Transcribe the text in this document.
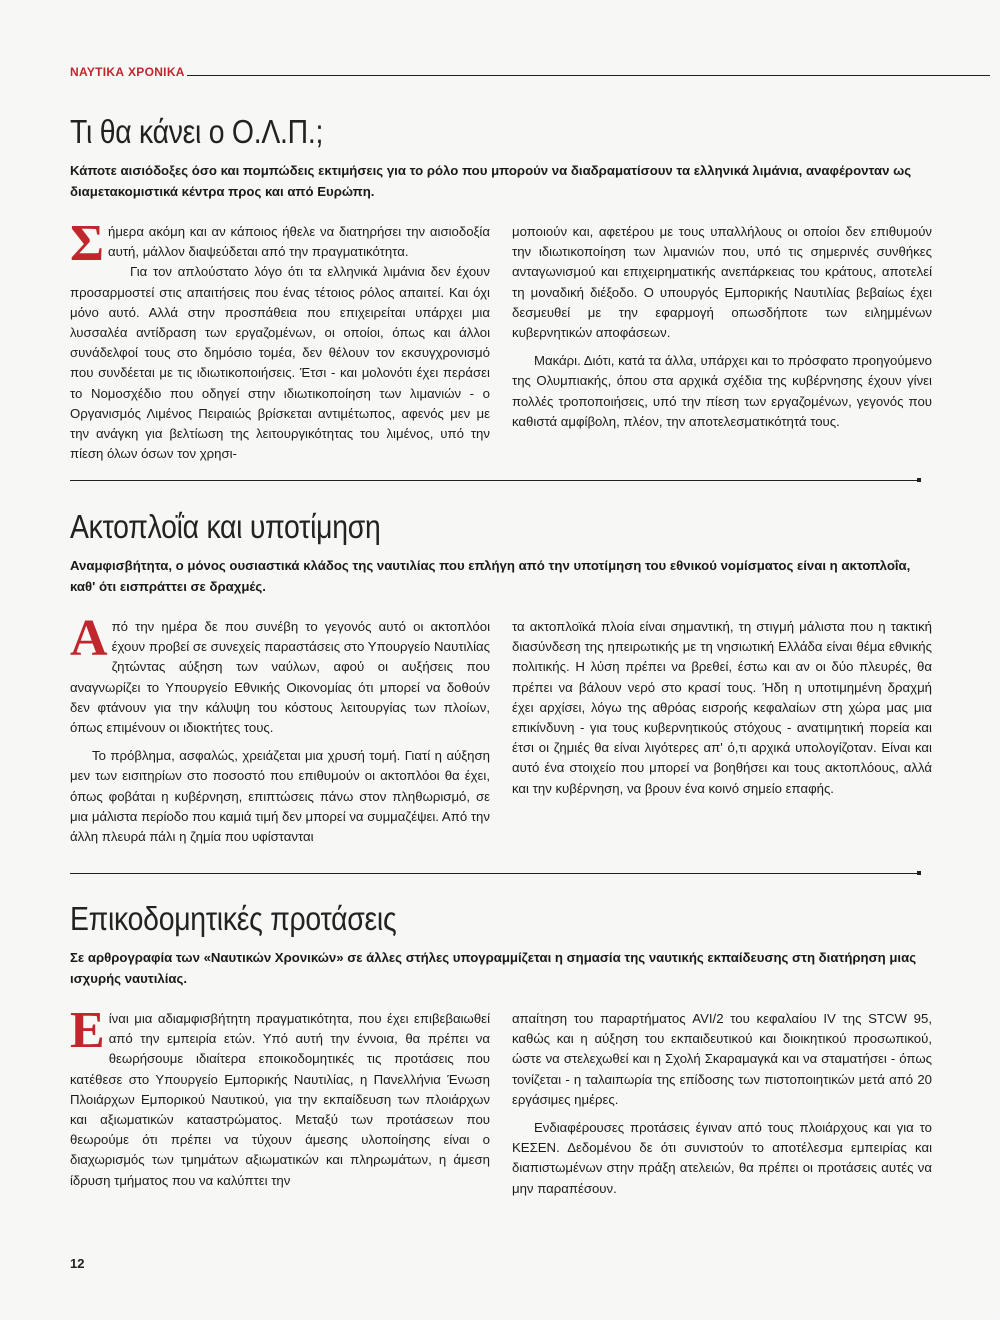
ΝΑΥΤΙΚΑ ΧΡΟΝΙΚΑ
Τι θα κάνει ο Ο.Λ.Π.;

Κάποτε αισιόδοξες όσο και πομπώδεις εκτιμήσεις για το ρόλο που μπορούν να διαδραματίσουν τα ελληνικά λιμάνια, αναφέρονταν ως διαμετακομιστικά κέντρα προς και από Ευρώπη.

Σήμερα ακόμη και αν κάποιος ήθελε να διατηρήσει την αισιοδοξία αυτή, μάλλον διαψεύδεται από την πραγματικότητα.

Για τον απλούστατο λόγο ότι τα ελληνικά λιμάνια δεν έχουν προσαρμοστεί στις απαιτήσεις που ένας τέτοιος ρόλος απαιτεί. Και όχι μόνο αυτό. Αλλά στην προσπάθεια που επιχειρείται υπάρχει μια λυσσαλέα αντίδραση των εργαζομένων, οι οποίοι, όπως και άλλοι συνάδελφοί τους στο δημόσιο τομέα, δεν θέλουν τον εκσυγχρονισμό που συνδέεται με τις ιδιωτικοποιήσεις. Έτσι - και μολονότι έχει περάσει το Νομοσχέδιο που οδηγεί στην ιδιωτικοποίηση των λιμανιών - ο Οργανισμός Λιμένος Πειραιώς βρίσκεται αντιμέτωπος, αφενός μεν με την ανάγκη για βελτίωση της λειτουργικότητας του λιμένος, υπό την πίεση όλων όσων τον χρησι-

μοποιούν και, αφετέρου με τους υπαλλήλους οι οποίοι δεν επιθυμούν την ιδιωτικοποίηση των λιμανιών που, υπό τις σημερινές συνθήκες ανταγωνισμού και επιχειρηματικής ανεπάρκειας του κράτους, αποτελεί τη μοναδική διέξοδο. Ο υπουργός Εμπορικής Ναυτιλίας βεβαίως έχει δεσμευθεί με την εφαρμογή οπωσδήποτε των ειλημμένων κυβερνητικών αποφάσεων.

Μακάρι. Διότι, κατά τα άλλα, υπάρχει και το πρόσφατο προηγούμενο της Ολυμπιακής, όπου στα αρχικά σχέδια της κυβέρνησης έχουν γίνει πολλές τροποποιήσεις, υπό την πίεση των εργαζομένων, γεγονός που καθιστά αμφίβολη, πλέον, την αποτελεσματικότητά τους.

Ακτοπλοΐα και υποτίμηση

Αναμφισβήτητα, ο μόνος ουσιαστικά κλάδος της ναυτιλίας που επλήγη από την υποτίμηση του εθνικού νομίσματος είναι η ακτοπλοΐα, καθ' ότι εισπράττει σε δραχμές.

Από την ημέρα δε που συνέβη το γεγονός αυτό οι ακτοπλόοι έχουν προβεί σε συνεχείς παραστάσεις στο Υπουργείο Ναυτιλίας ζητώντας αύξηση των ναύλων, αφού οι αυξήσεις που αναγνωρίζει το Υπουργείο Εθνικής Οικονομίας ότι μπορεί να δοθούν δεν φτάνουν για την κάλυψη του κόστους λειτουργίας των πλοίων, όπως επιμένουν οι ιδιοκτήτες τους.

Το πρόβλημα, ασφαλώς, χρειάζεται μια χρυσή τομή. Γιατί η αύξηση μεν των εισιτηρίων στο ποσοστό που επιθυμούν οι ακτοπλόοι θα έχει, όπως φοβάται η κυβέρνηση, επιπτώσεις πάνω στον πληθωρισμό, σε μια μάλιστα περίοδο που καμιά τιμή δεν μπορεί να συμμαζέψει. Από την άλλη πλευρά πάλι η ζημία που υφίστανται

τα ακτοπλοϊκά πλοία είναι σημαντική, τη στιγμή μάλιστα που η τακτική διασύνδεση της ηπειρωτικής με τη νησιωτική Ελλάδα είναι θέμα εθνικής πολιτικής. Η λύση πρέπει να βρεθεί, έστω και αν οι δύο πλευρές, θα πρέπει να βάλουν νερό στο κρασί τους. Ήδη η υποτιμημένη δραχμή έχει αρχίσει, λόγω της αθρόας εισροής κεφαλαίων στη χώρα μας μια επικίνδυνη - για τους κυβερνητικούς στόχους - ανατιμητική πορεία και έτσι οι ζημιές θα είναι λιγότερες απ' ό,τι αρχικά υπολογίζοταν. Είναι και αυτό ένα στοιχείο που μπορεί να βοηθήσει και τους ακτοπλόους, αλλά και την κυβέρνηση, να βρουν ένα κοινό σημείο επαφής.

Επικοδομητικές προτάσεις

Σε αρθρογραφία των «Ναυτικών Χρονικών» σε άλλες στήλες υπογραμμίζεται η σημασία της ναυτικής εκπαίδευσης στη διατήρηση μιας ισχυρής ναυτιλίας.

Είναι μια αδιαμφισβήτητη πραγματικότητα, που έχει επιβεβαιωθεί από την εμπειρία ετών. Υπό αυτή την έννοια, θα πρέπει να θεωρήσουμε ιδιαίτερα εποικοδομητικές τις προτάσεις που κατέθεσε στο Υπουργείο Εμπορικής Ναυτιλίας, η Πανελλήνια Ένωση Πλοιάρχων Εμπορικού Ναυτικού, για την εκπαίδευση των πλοιάρχων και αξιωματικών καταστρώματος. Μεταξύ των προτάσεων που θεωρούμε ότι πρέπει να τύχουν άμεσης υλοποίησης είναι ο διαχωρισμός των τμημάτων αξιωματικών και πληρωμάτων, η άμεση ίδρυση τμήματος που να καλύπτει την

απαίτηση του παραρτήματος AVI/2 του κεφαλαίου IV της STCW 95, καθώς και η αύξηση του εκπαιδευτικού και διοικητικού προσωπικού, ώστε να στελεχωθεί και η Σχολή Σκαραμαγκά και να σταματήσει - όπως τονίζεται - η ταλαιπωρία της επίδοσης των πιστοποιητικών μετά από 20 εργάσιμες ημέρες.

Ενδιαφέρουσες προτάσεις έγιναν από τους πλοιάρχους και για το ΚΕΣΕΝ. Δεδομένου δε ότι συνιστούν το αποτέλεσμα εμπειρίας και διαπιστωμένων στην πράξη ατελειών, θα πρέπει οι προτάσεις αυτές να μην παραπέσουν.

12
